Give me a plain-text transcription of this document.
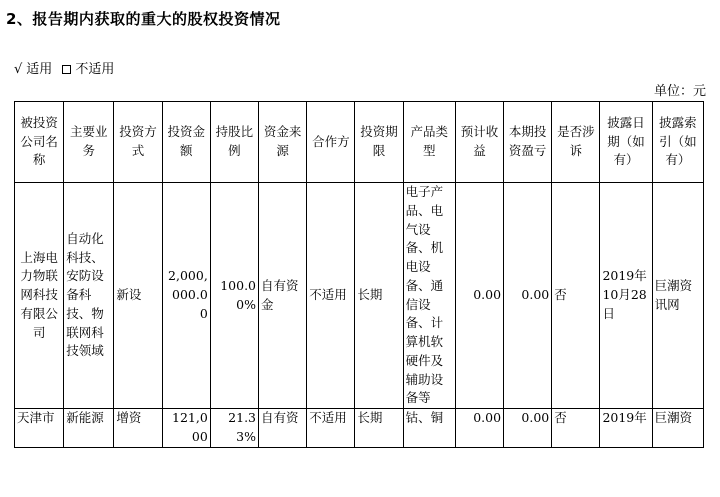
2、报告期内获取的重大的股权投资情况
√ 适用 不适用
单位：元
被投资公司名称	主要业务	投资方式	投资金额	持股比例	资金来源	合作方	投资期限	产品类型	预计收益	本期投资盈亏	是否涉诉	披露日期（如有）	披露索引（如有）
上海电力物联网科技有限公司	自动化科技、安防设备科技、物联网科技领域	新设	2,000,000.00	100.00%	自有资金	不适用	长期	电子产品、电气设备、机电设备、通信设备、计算机软硬件及辅助设备等	0.00	0.00	否	2019年10月28日	巨潮资讯网
天津市	新能源	增资	121,000	21.33%	自有资	不适用	长期	钴、铜	0.00	0.00	否	2019年	巨潮资
